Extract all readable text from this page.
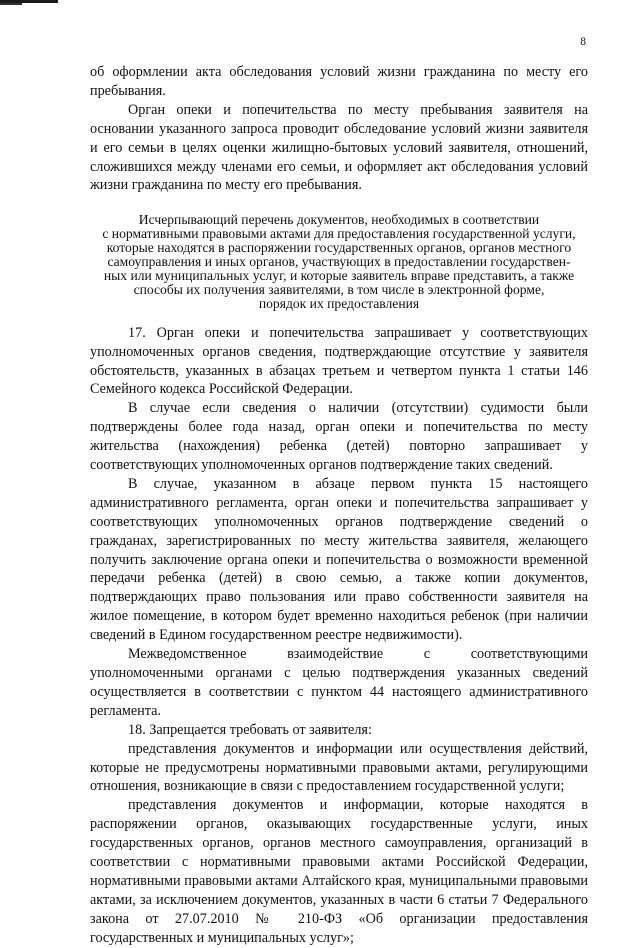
8

об оформлении акта обследования условий жизни гражданина по месту его пребывания.

Орган опеки и попечительства по месту пребывания заявителя на основании указанного запроса проводит обследование условий жизни заявителя и его семьи в целях оценки жилищно-бытовых условий заявителя, отношений, сложившихся между членами его семьи, и оформляет акт обследования условий жизни гражданина по месту его пребывания.

Исчерпывающий перечень документов, необходимых в соответствии
с нормативными правовыми актами для предоставления государственной услуги,
которые находятся в распоряжении государственных органов, органов местного
самоуправления и иных органов, участвующих в предоставлении государствен-
ных или муниципальных услуг, и которые заявитель вправе представить, а также
способы их получения заявителями, в том числе в электронной форме,
порядок их предоставления

17. Орган опеки и попечительства запрашивает у соответствующих уполномоченных органов сведения, подтверждающие отсутствие у заявителя обстоятельств, указанных в абзацах третьем и четвертом пункта 1 статьи 146 Семейного кодекса Российской Федерации.

В случае если сведения о наличии (отсутствии) судимости были подтверждены более года назад, орган опеки и попечительства по месту жительства (нахождения) ребенка (детей) повторно запрашивает у соответствующих уполномоченных органов подтверждение таких сведений.

В случае, указанном в абзаце первом пункта 15 настоящего административного регламента, орган опеки и попечительства запрашивает у соответствующих уполномоченных органов подтверждение сведений о гражданах, зарегистрированных по месту жительства заявителя, желающего получить заключение органа опеки и попечительства о возможности временной передачи ребенка (детей) в свою семью, а также копии документов, подтверждающих право пользования или право собственности заявителя на жилое помещение, в котором будет временно находиться ребенок (при наличии сведений в Едином государственном реестре недвижимости).

Межведомственное взаимодействие с соответствующими уполномоченными органами с целью подтверждения указанных сведений осуществляется в соответствии с пунктом 44 настоящего административного регламента.

18. Запрещается требовать от заявителя:

представления документов и информации или осуществления действий, которые не предусмотрены нормативными правовыми актами, регулирующими отношения, возникающие в связи с предоставлением государственной услуги;

представления документов и информации, которые находятся в распоряжении органов, оказывающих государственные услуги, иных государственных органов, органов местного самоуправления, организаций в соответствии с нормативными правовыми актами Российской Федерации, нормативными правовыми актами Алтайского края, муниципальными правовыми актами, за исключением документов, указанных в части 6 статьи 7 Федерального закона от 27.07.2010 № 210-ФЗ «Об организации предоставления государственных и муниципальных услуг»;
